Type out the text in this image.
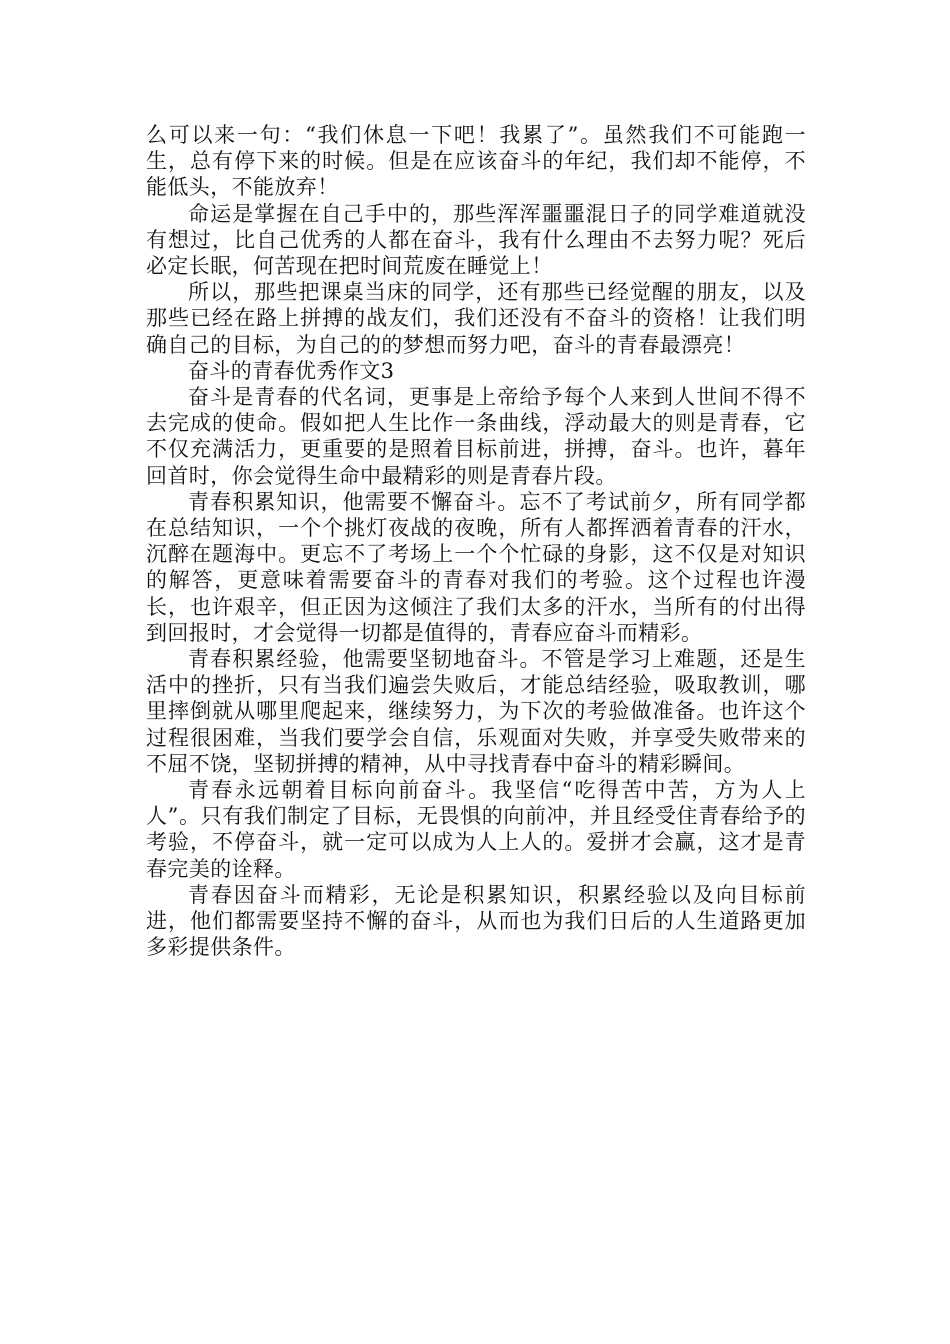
么可以来一句：“我们休息一下吧！我累了”。虽然我们不可能跑一生，总有停下来的时候。但是在应该奋斗的年纪，我们却不能停，不能低头，不能放弃！

命运是掌握在自己手中的，那些浑浑噩噩混日子的同学难道就没有想过，比自己优秀的人都在奋斗，我有什么理由不去努力呢？死后必定长眠，何苦现在把时间荒废在睡觉上！

所以，那些把课桌当床的同学，还有那些已经觉醒的朋友，以及那些已经在路上拼搏的战友们，我们还没有不奋斗的资格！让我们明确自己的目标，为自己的的梦想而努力吧，奋斗的青春最漂亮！

奋斗的青春优秀作文3

奋斗是青春的代名词，更事是上帝给予每个人来到人世间不得不去完成的使命。假如把人生比作一条曲线，浮动最大的则是青春，它不仅充满活力，更重要的是照着目标前进，拼搏，奋斗。也许，暮年回首时，你会觉得生命中最精彩的则是青春片段。

青春积累知识，他需要不懈奋斗。忘不了考试前夕，所有同学都在总结知识，一个个挑灯夜战的夜晚，所有人都挥洒着青春的汗水，沉醉在题海中。更忘不了考场上一个个忙碌的身影，这不仅是对知识的解答，更意味着需要奋斗的青春对我们的考验。这个过程也许漫长，也许艰辛，但正因为这倾注了我们太多的汗水，当所有的付出得到回报时，才会觉得一切都是值得的，青春应奋斗而精彩。

青春积累经验，他需要坚韧地奋斗。不管是学习上难题，还是生活中的挫折，只有当我们遍尝失败后，才能总结经验，吸取教训，哪里摔倒就从哪里爬起来，继续努力，为下次的考验做准备。也许这个过程很困难，当我们要学会自信，乐观面对失败，并享受失败带来的不屈不饶，坚韧拼搏的精神，从中寻找青春中奋斗的精彩瞬间。

青春永远朝着目标向前奋斗。我坚信“吃得苦中苦，方为人上人”。只有我们制定了目标，无畏惧的向前冲，并且经受住青春给予的考验，不停奋斗，就一定可以成为人上人的。爱拼才会赢，这才是青春完美的诠释。

青春因奋斗而精彩，无论是积累知识，积累经验以及向目标前进，他们都需要坚持不懈的奋斗，从而也为我们日后的人生道路更加多彩提供条件。
